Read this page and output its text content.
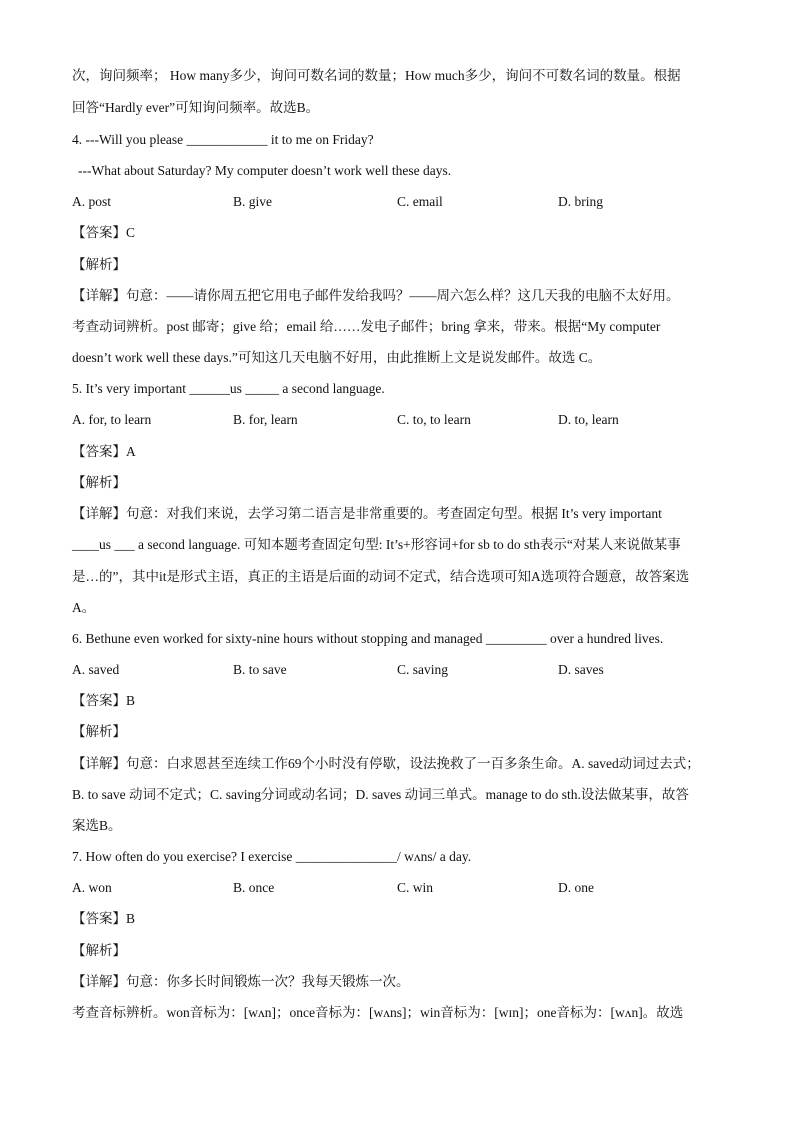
次，询问频率； How many多少，询问可数名词的数量；How much多少，询问不可数名词的数量。根据
回答“Hardly ever”可知询问频率。故选B。
4. ---Will you please ____________ it to me on Friday?
---What about Saturday? My computer doesn’t work well these days.
A. post	B. give	C. email	D. bring
【答案】C
【解析】
【详解】句意：——请你周五把它用电子邮件发给我吗？——周六怎么样？这几天我的电脑不太好用。
考查动词辨析。post 邮寄；give 给；email 给……发电子邮件；bring 拿来，带来。根据“My computer
doesn’t work well these days.”可知这几天电脑不好用，由此推断上文是说发邮件。故选 C。
5. It’s very important ______us _____ a second language.
A. for, to learn	B. for, learn	C. to, to learn	D. to, learn
【答案】A
【解析】
【详解】句意：对我们来说，去学习第二语言是非常重要的。考查固定句型。根据 It’s very important
____us ___ a second language. 可知本题考查固定句型: It’s+形容词+for sb to do sth表示“对某人来说做某事
是…的”，其中it是形式主语，真正的主语是后面的动词不定式，结合选项可知A选项符合题意，故答案选
A。
6. Bethune even worked for sixty-nine hours without stopping and managed _________ over a hundred lives.
A. saved	B. to save	C. saving	D. saves
【答案】B
【解析】
【详解】句意：白求恩甚至连续工作69个小时没有停歇，设法挽救了一百多条生命。A. saved动词过去式；
B. to save 动词不定式；C. saving分词或动名词；D. saves 动词三单式。manage to do sth.设法做某事，故答
案选B。
7. How often do you exercise? I exercise _______________/ wʌns/ a day.
A. won	B. once	C. win	D. one
【答案】B
【解析】
【详解】句意：你多长时间锻炼一次？我每天锻炼一次。
考查音标辨析。won音标为：[wʌn]；once音标为：[wʌns]；win音标为：[wɪn]；one音标为：[wʌn]。故选
